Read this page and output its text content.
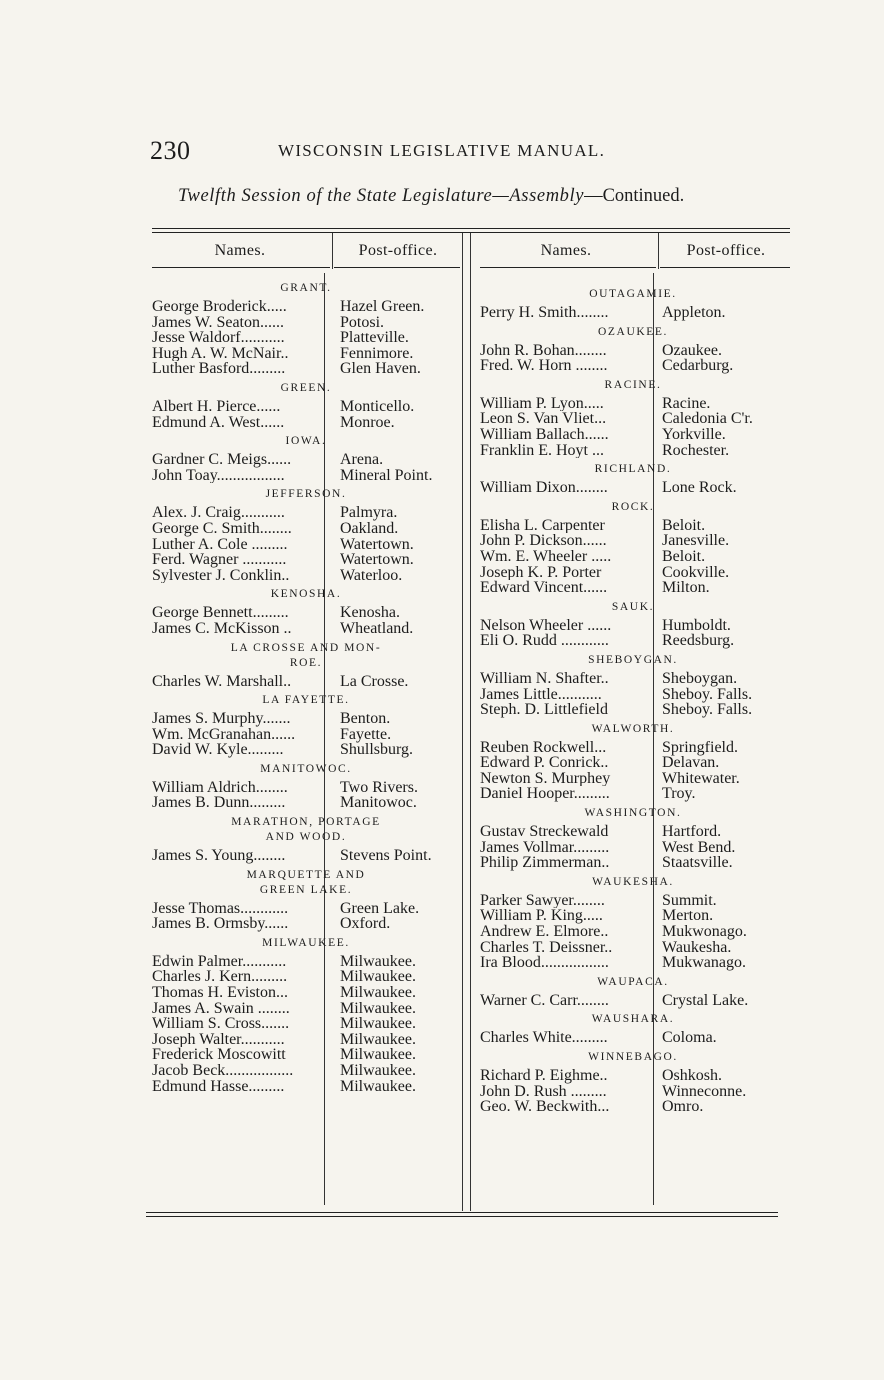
230	WISCONSIN LEGISLATIVE MANUAL.
Twelfth Session of the State Legislature—Assembly—Continued.
Names.	Post-office.
GRANT.
George Broderick.....	Hazel Green.
James W. Seaton......	Potosi.
Jesse Waldorf...........	Platteville.
Hugh A. W. McNair..	Fennimore.
Luther Basford.........	Glen Haven.
GREEN.
Albert H. Pierce......	Monticello.
Edmund A. West......	Monroe.
IOWA.
Gardner C. Meigs......	Arena.
John Toay.................	Mineral Point.
JEFFERSON.
Alex. J. Craig...........	Palmyra.
George C. Smith........	Oakland.
Luther A. Cole .........	Watertown.
Ferd. Wagner ...........	Watertown.
Sylvester J. Conklin..	Waterloo.
KENOSHA.
George Bennett.........	Kenosha.
James C. McKisson ..	Wheatland.
LA CROSSE AND MON-
ROE.
Charles W. Marshall..	La Crosse.
LA FAYETTE.
James S. Murphy.......	Benton.
Wm. McGranahan......	Fayette.
David W. Kyle.........	Shullsburg.
MANITOWOC.
William Aldrich........	Two Rivers.
James B. Dunn.........	Manitowoc.
MARATHON, PORTAGE
AND WOOD.
James S. Young........	Stevens Point.
MARQUETTE AND
GREEN LAKE.
Jesse Thomas............	Green Lake.
James B. Ormsby......	Oxford.
MILWAUKEE.
Edwin Palmer...........	Milwaukee.
Charles J. Kern.........	Milwaukee.
Thomas H. Eviston...	Milwaukee.
James A. Swain ........	Milwaukee.
William S. Cross.......	Milwaukee.
Joseph Walter...........	Milwaukee.
Frederick Moscowitt	Milwaukee.
Jacob Beck.................	Milwaukee.
Edmund Hasse.........	Milwaukee.
Names.	Post-office.
OUTAGAMIE.
Perry H. Smith........	Appleton.
OZAUKEE.
John R. Bohan........	Ozaukee.
Fred. W. Horn ........	Cedarburg.
RACINE.
William P. Lyon.....	Racine.
Leon S. Van Vliet...	Caledonia C'r.
William Ballach......	Yorkville.
Franklin E. Hoyt ...	Rochester.
RICHLAND.
William Dixon........	Lone Rock.
ROCK.
Elisha L. Carpenter	Beloit.
John P. Dickson......	Janesville.
Wm. E. Wheeler .....	Beloit.
Joseph K. P. Porter	Cookville.
Edward Vincent......	Milton.
SAUK.
Nelson Wheeler ......	Humboldt.
Eli O. Rudd ............	Reedsburg.
SHEBOYGAN.
William N. Shafter..	Sheboygan.
James Little...........	Sheboy. Falls.
Steph. D. Littlefield	Sheboy. Falls.
WALWORTH.
Reuben Rockwell...	Springfield.
Edward P. Conrick..	Delavan.
Newton S. Murphey	Whitewater.
Daniel Hooper.........	Troy.
WASHINGTON.
Gustav Streckewald	Hartford.
James Vollmar.........	West Bend.
Philip Zimmerman..	Staatsville.
WAUKESHA.
Parker Sawyer........	Summit.
William P. King.....	Merton.
Andrew E. Elmore..	Mukwonago.
Charles T. Deissner..	Waukesha.
Ira Blood.................	Mukwanago.
WAUPACA.
Warner C. Carr........	Crystal Lake.
WAUSHARA.
Charles White.........	Coloma.
WINNEBAGO.
Richard P. Eighme..	Oshkosh.
John D. Rush .........	Winneconne.
Geo. W. Beckwith...	Omro.
